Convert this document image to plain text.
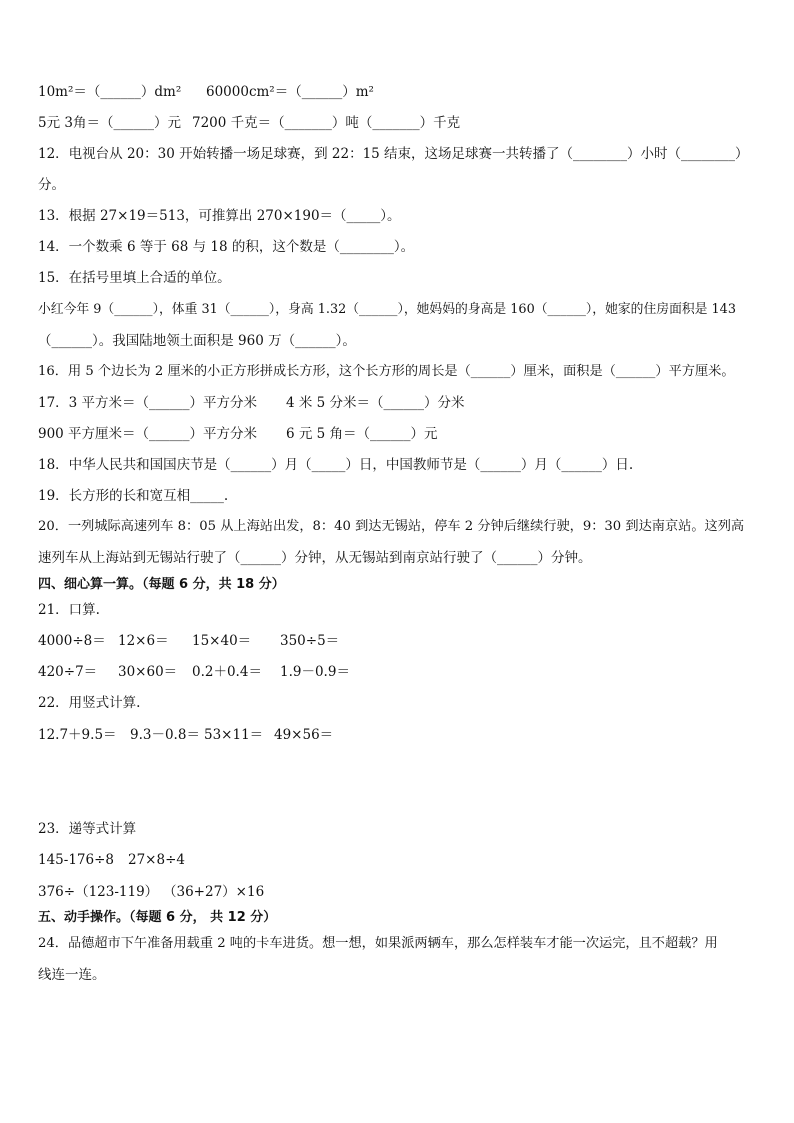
10m²＝（______）dm² 60000cm²＝（______）m²
5元 3角＝（______）元 7200 千克＝（_______）吨（_______）千克
12．电视台从 20：30 开始转播一场足球赛，到 22：15 结束，这场足球赛一共转播了（________）小时（________）
分。
13．根据 27×19＝513，可推算出 270×190＝（_____）。
14．一个数乘 6 等于 68 与 18 的积，这个数是（________）。
15．在括号里填上合适的单位。
小红今年 9（______），体重 31（______），身高 1.32（______），她妈妈的身高是 160（______），她家的住房面积是 143
（______）。我国陆地领土面积是 960 万（______）。
16．用 5 个边长为 2 厘米的小正方形拼成长方形，这个长方形的周长是（______）厘米，面积是（______）平方厘米。
17．3 平方米＝（______）平方分米 4 米 5 分米＝（______）分米
900 平方厘米＝（______）平方分米 6 元 5 角＝（______）元
18．中华人民共和国国庆节是（______）月（_____）日，中国教师节是（______）月（______）日.
19．长方形的长和宽互相_____.
20．一列城际高速列车 8：05 从上海站出发，8：40 到达无锡站，停车 2 分钟后继续行驶，9：30 到达南京站。这列高
速列车从上海站到无锡站行驶了（______）分钟，从无锡站到南京站行驶了（______）分钟。
四、细心算一算。（每题 6 分，共 18 分）
21．口算.
4000÷8＝ 12×6＝ 15×40＝ 350÷5＝
420÷7＝ 30×60＝ 0.2＋0.4＝ 1.9－0.9＝
22．用竖式计算.
12.7＋9.5＝ 9.3－0.8＝ 53×11＝ 49×56＝
23．递等式计算
145-176÷8 27×8÷4
376÷（123-119） （36+27）×16
五、动手操作。（每题 6 分， 共 12 分）
24．品德超市下午准备用载重 2 吨的卡车进货。想一想，如果派两辆车，那么怎样装车才能一次运完，且不超载？用
线连一连。
